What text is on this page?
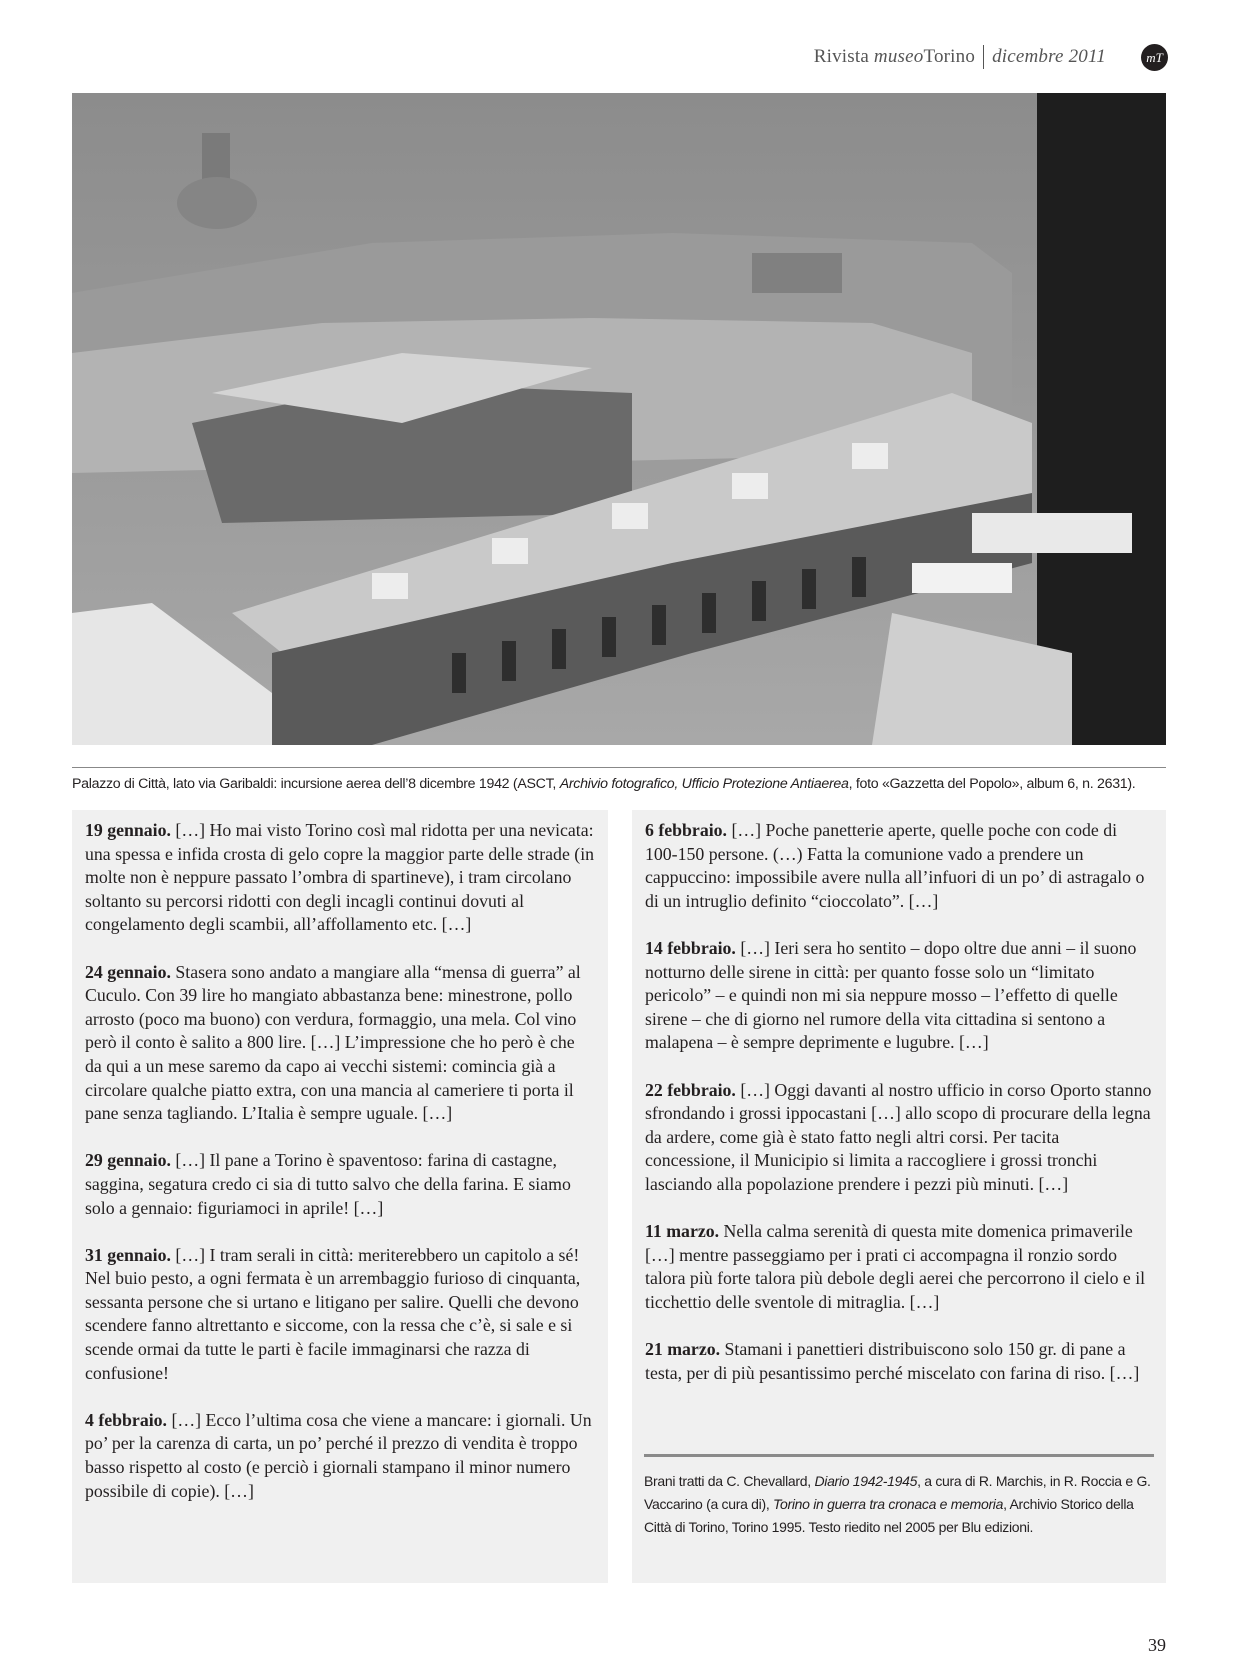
Rivista museoTorino dicembre 2011	mT
Palazzo di Città, lato via Garibaldi: incursione aerea dell’8 dicembre 1942 (ASCT, Archivio fotografico, Ufficio Protezione Antiaerea, foto «Gazzetta del Popolo», album 6, n. 2631).

19 gennaio. […] Ho mai visto Torino così mal ridotta per una nevicata: una spessa e infida crosta di gelo copre la maggior parte delle strade (in molte non è neppure passato l’ombra di spartineve), i tram circolano soltanto su percorsi ridotti con degli incagli continui dovuti al congelamento degli scambii, all’affollamento etc. […]

24 gennaio. Stasera sono andato a mangiare alla “mensa di guerra” al Cuculo. Con 39 lire ho mangiato abbastanza bene: minestrone, pollo arrosto (poco ma buono) con verdura, formaggio, una mela. Col vino però il conto è salito a 800 lire. […] L’impressione che ho però è che da qui a un mese saremo da capo ai vecchi sistemi: comincia già a circolare qualche piatto extra, con una mancia al cameriere ti porta il pane senza tagliando. L’Italia è sempre uguale. […]

29 gennaio. […] Il pane a Torino è spaventoso: farina di castagne, saggina, segatura credo ci sia di tutto salvo che della farina. E siamo solo a gennaio: figuriamoci in aprile! […]

31 gennaio. […] I tram serali in città: meriterebbero un capitolo a sé! Nel buio pesto, a ogni fermata è un arrembaggio furioso di cinquanta, sessanta persone che si urtano e litigano per salire. Quelli che devono scendere fanno altrettanto e siccome, con la ressa che c’è, si sale e si scende ormai da tutte le parti è facile immaginarsi che razza di confusione!

4 febbraio. […] Ecco l’ultima cosa che viene a mancare: i giornali. Un po’ per la carenza di carta, un po’ perché il prezzo di vendita è troppo basso rispetto al costo (e perciò i giornali stampano il minor numero possibile di copie). […]

6 febbraio. […] Poche panetterie aperte, quelle poche con code di 100-150 persone. (…) Fatta la comunione vado a prendere un cappuccino: impossibile avere nulla all’infuori di un po’ di astragalo o di un intruglio definito “cioccolato”. […]

14 febbraio. […] Ieri sera ho sentito – dopo oltre due anni – il suono notturno delle sirene in città: per quanto fosse solo un “limitato pericolo” – e quindi non mi sia neppure mosso – l’effetto di quelle sirene – che di giorno nel rumore della vita cittadina si sentono a malapena – è sempre deprimente e lugubre. […]

22 febbraio. […] Oggi davanti al nostro ufficio in corso Oporto stanno sfrondando i grossi ippocastani […] allo scopo di procurare della legna da ardere, come già è stato fatto negli altri corsi. Per tacita concessione, il Municipio si limita a raccogliere i grossi tronchi lasciando alla popolazione prendere i pezzi più minuti. […]

11 marzo. Nella calma serenità di questa mite domenica primaverile […] mentre passeggiamo per i prati ci accompagna il ronzio sordo talora più forte talora più debole degli aerei che percorrono il cielo e il ticchettio delle sventole di mitraglia. […]

21 marzo. Stamani i panettieri distribuiscono solo 150 gr. di pane a testa, per di più pesantissimo perché miscelato con farina di riso. […]

Brani tratti da C. Chevallard, Diario 1942-1945, a cura di R. Marchis, in R. Roccia e G. Vaccarino (a cura di), Torino in guerra tra cronaca e memoria, Archivio Storico della Città di Torino, Torino 1995. Testo riedito nel 2005 per Blu edizioni.
39
